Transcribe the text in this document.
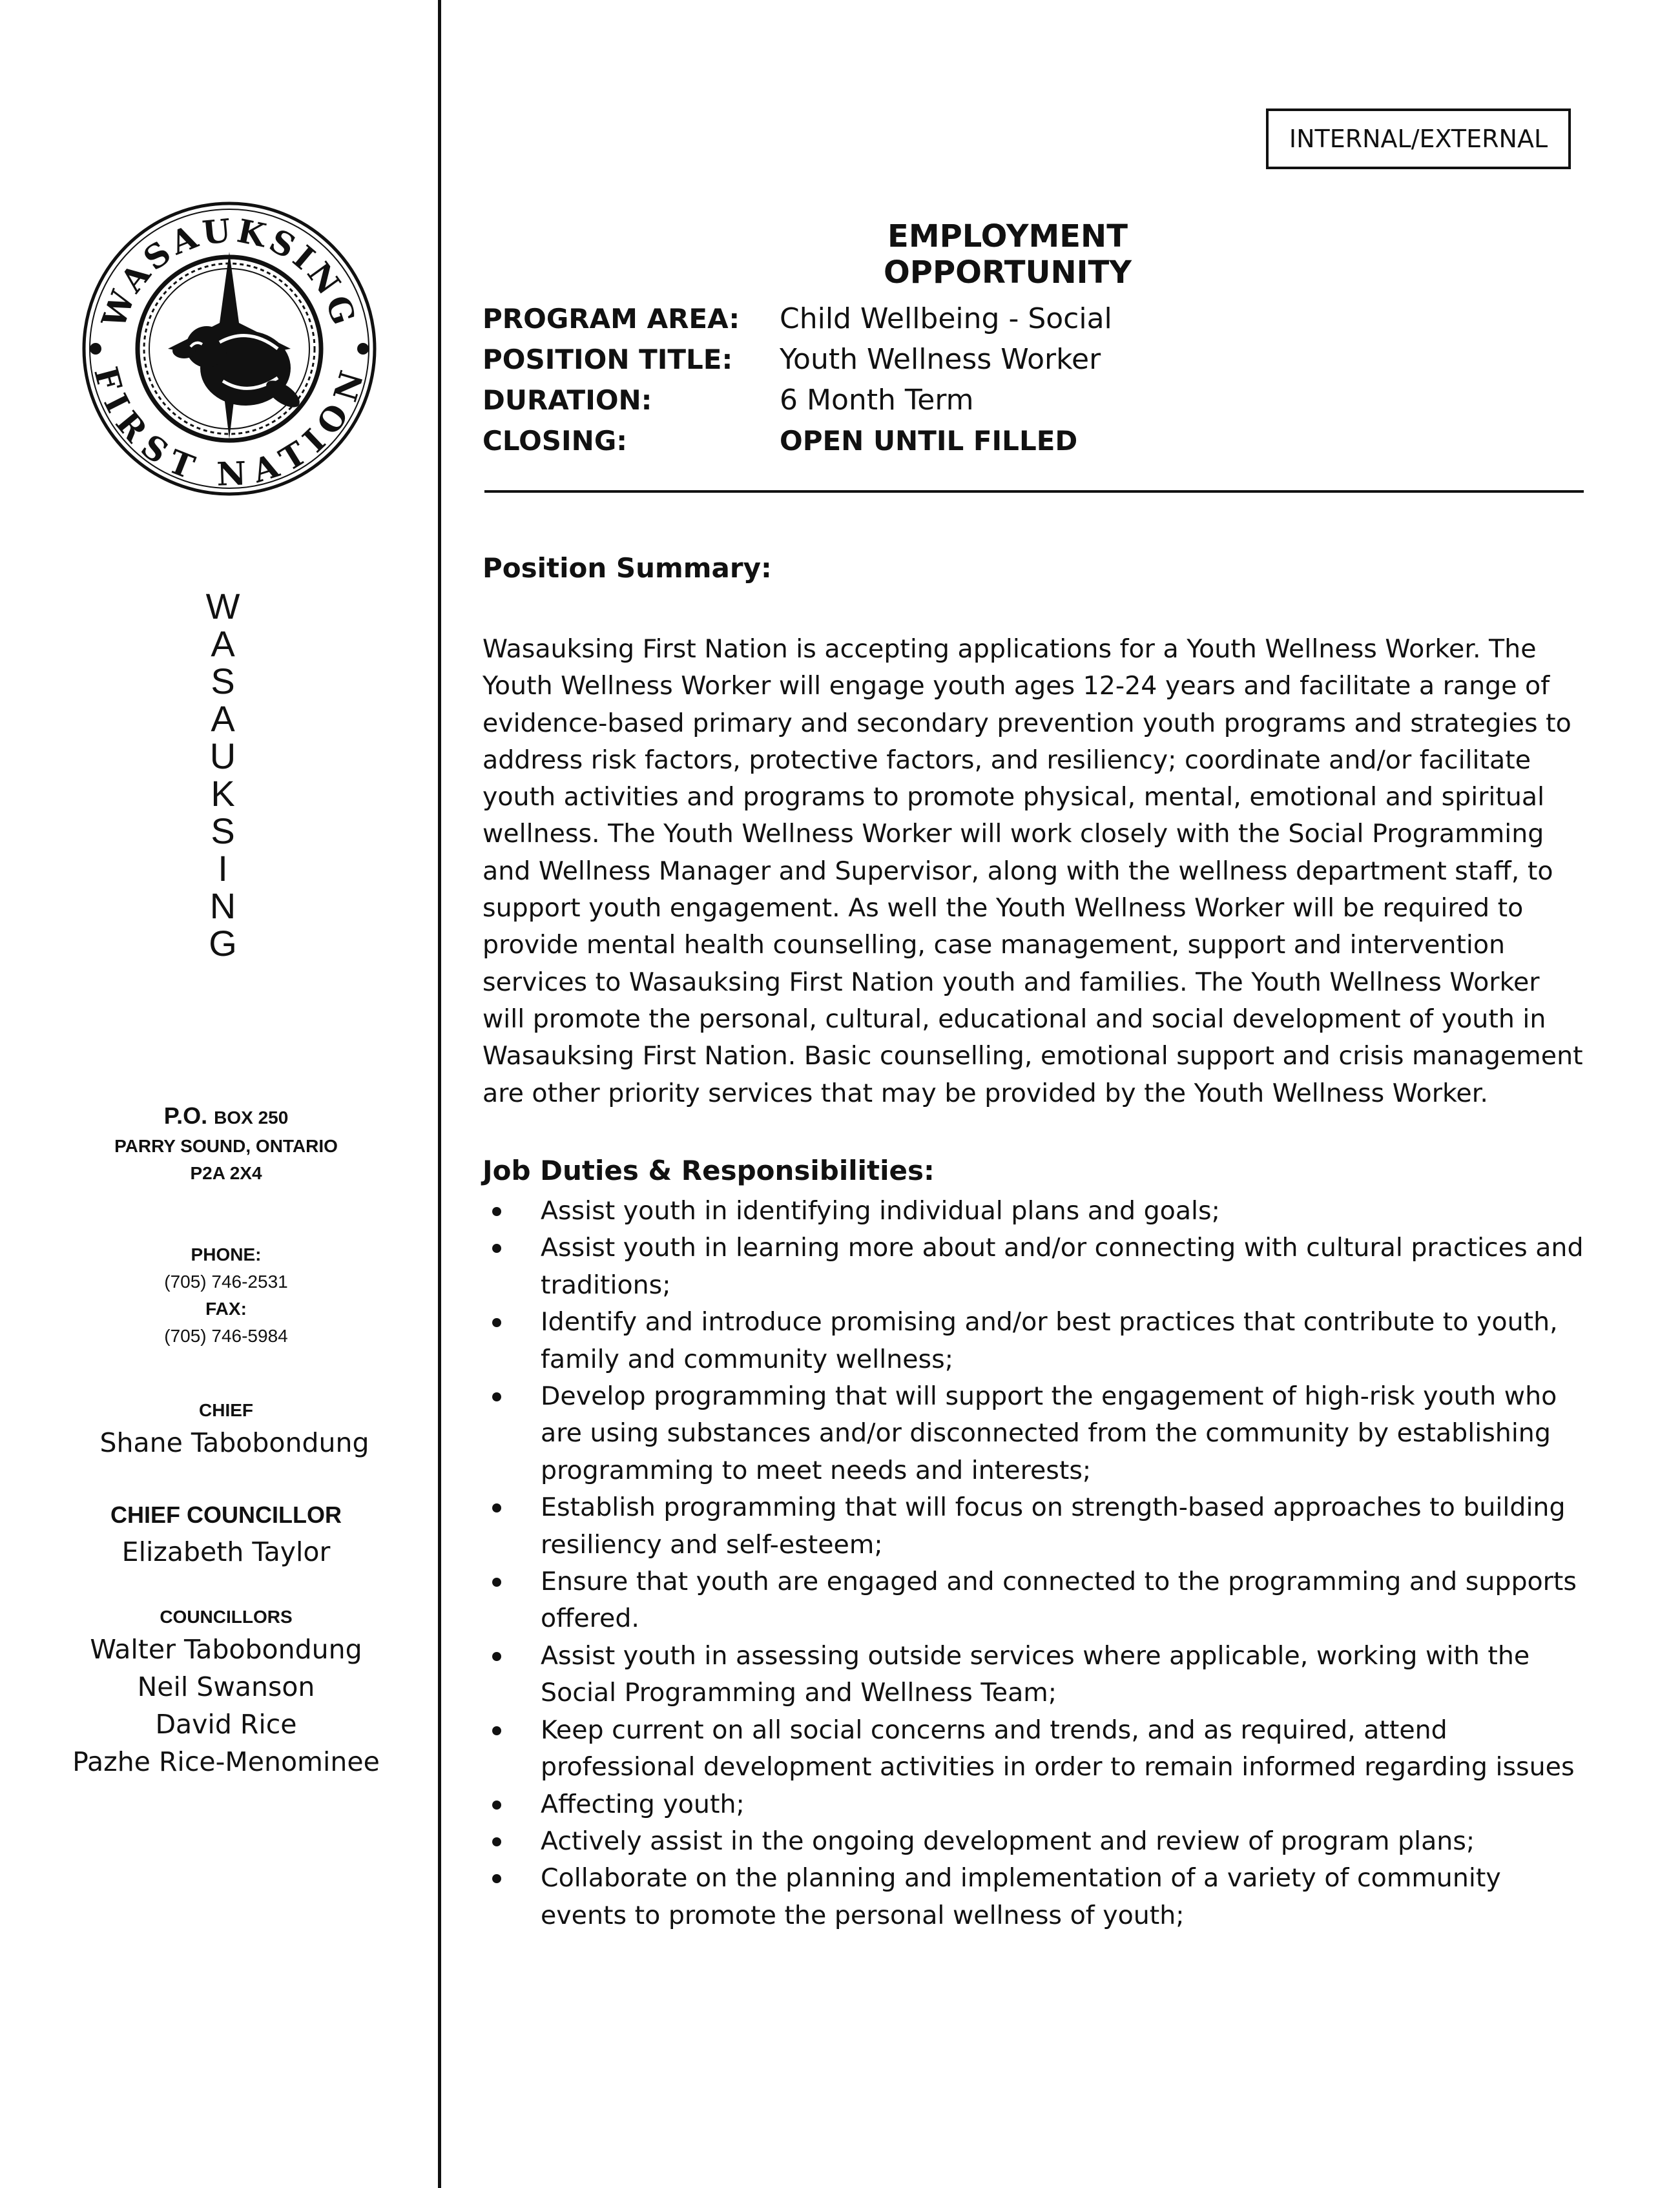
WASAUKSING
FIRST NATION
W
A
S
A
U
K
S
I
N
G
P.O. BOX 250
PARRY SOUND, ONTARIO
P2A 2X4
PHONE:
(705) 746-2531
FAX:
(705) 746-5984
CHIEF
Shane Tabobondung
CHIEF COUNCILLOR
Elizabeth Taylor
COUNCILLORS
Walter Tabobondung
Neil Swanson
David Rice
Pazhe Rice-Menominee
INTERNAL/EXTERNAL
EMPLOYMENT OPPORTUNITY
PROGRAM AREA:	Child Wellbeing - Social
POSITION TITLE:	Youth Wellness Worker
DURATION:	6 Month Term
CLOSING:	OPEN UNTIL FILLED
Position Summary:
Wasauksing First Nation is accepting applications for a Youth Wellness Worker. The Youth Wellness Worker will engage youth ages 12-24 years and facilitate a range of evidence-based primary and secondary prevention youth programs and strategies to address risk factors, protective factors, and resiliency; coordinate and/or facilitate youth activities and programs to promote physical, mental, emotional and spiritual wellness. The Youth Wellness Worker will work closely with the Social Programming and Wellness Manager and Supervisor, along with the wellness department staff, to support youth engagement. As well the Youth Wellness Worker will be required to provide mental health counselling, case management, support and intervention services to Wasauksing First Nation youth and families. The Youth Wellness Worker will promote the personal, cultural, educational and social development of youth in Wasauksing First Nation. Basic counselling, emotional support and crisis management are other priority services that may be provided by the Youth Wellness Worker.
Job Duties & Responsibilities:
Assist youth in identifying individual plans and goals;
Assist youth in learning more about and/or connecting with cultural practices and traditions;
Identify and introduce promising and/or best practices that contribute to youth, family and community wellness;
Develop programming that will support the engagement of high-risk youth who are using substances and/or disconnected from the community by establishing programming to meet needs and interests;
Establish programming that will focus on strength-based approaches to building resiliency and self-esteem;
Ensure that youth are engaged and connected to the programming and supports offered.
Assist youth in assessing outside services where applicable, working with the Social Programming and Wellness Team;
Keep current on all social concerns and trends, and as required, attend professional development activities in order to remain informed regarding issues
Affecting youth;
Actively assist in the ongoing development and review of program plans;
Collaborate on the planning and implementation of a variety of community events to promote the personal wellness of youth;
